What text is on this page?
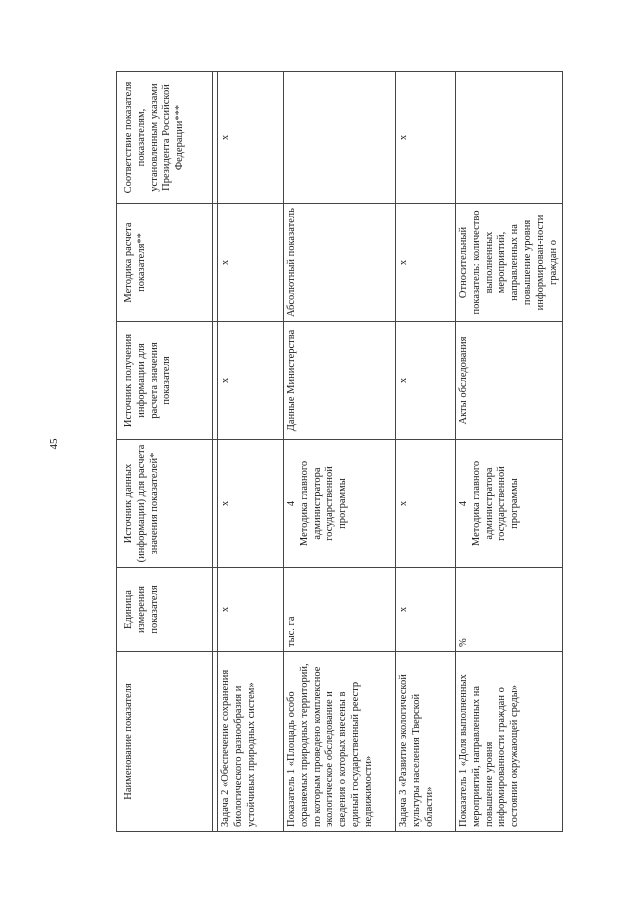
45
Наименование показателя	Единица измерения показателя	Источник данных (информации) для расчета значения показателей*	Источник получения информации для расчета значения показателя	Методика расчета показателя**	Соответствие показателя показателям, установленным указами Президента Российской Федерации***

Задача 2 «Обеспечение сохранения биологического разнообразия и устойчивых природных систем»	х	х	х	х	х
Показатель 1 «Площадь особо охраняемых природных территорий, по которым проведено комплексное экологическое обследование и сведения о которых внесены в единый государственный реестр недвижимости»	тыс. га	4 Методика главного администратора государственной программы	Данные Министерства	Абсолютный показатель	
Задача 3 «Развитие экологической культуры населения Тверской области»	х	х	х	х	х
Показатель 1 «Доля выполненных мероприятий, направленных на повышение уровня информированности граждан о состоянии окружающей среды»	%	4 Методика главного администратора государственной программы	Акты обследования	Относительный показатель: количество выполненных мероприятий, направленных на повышение уровня информирован-ности граждан о	
